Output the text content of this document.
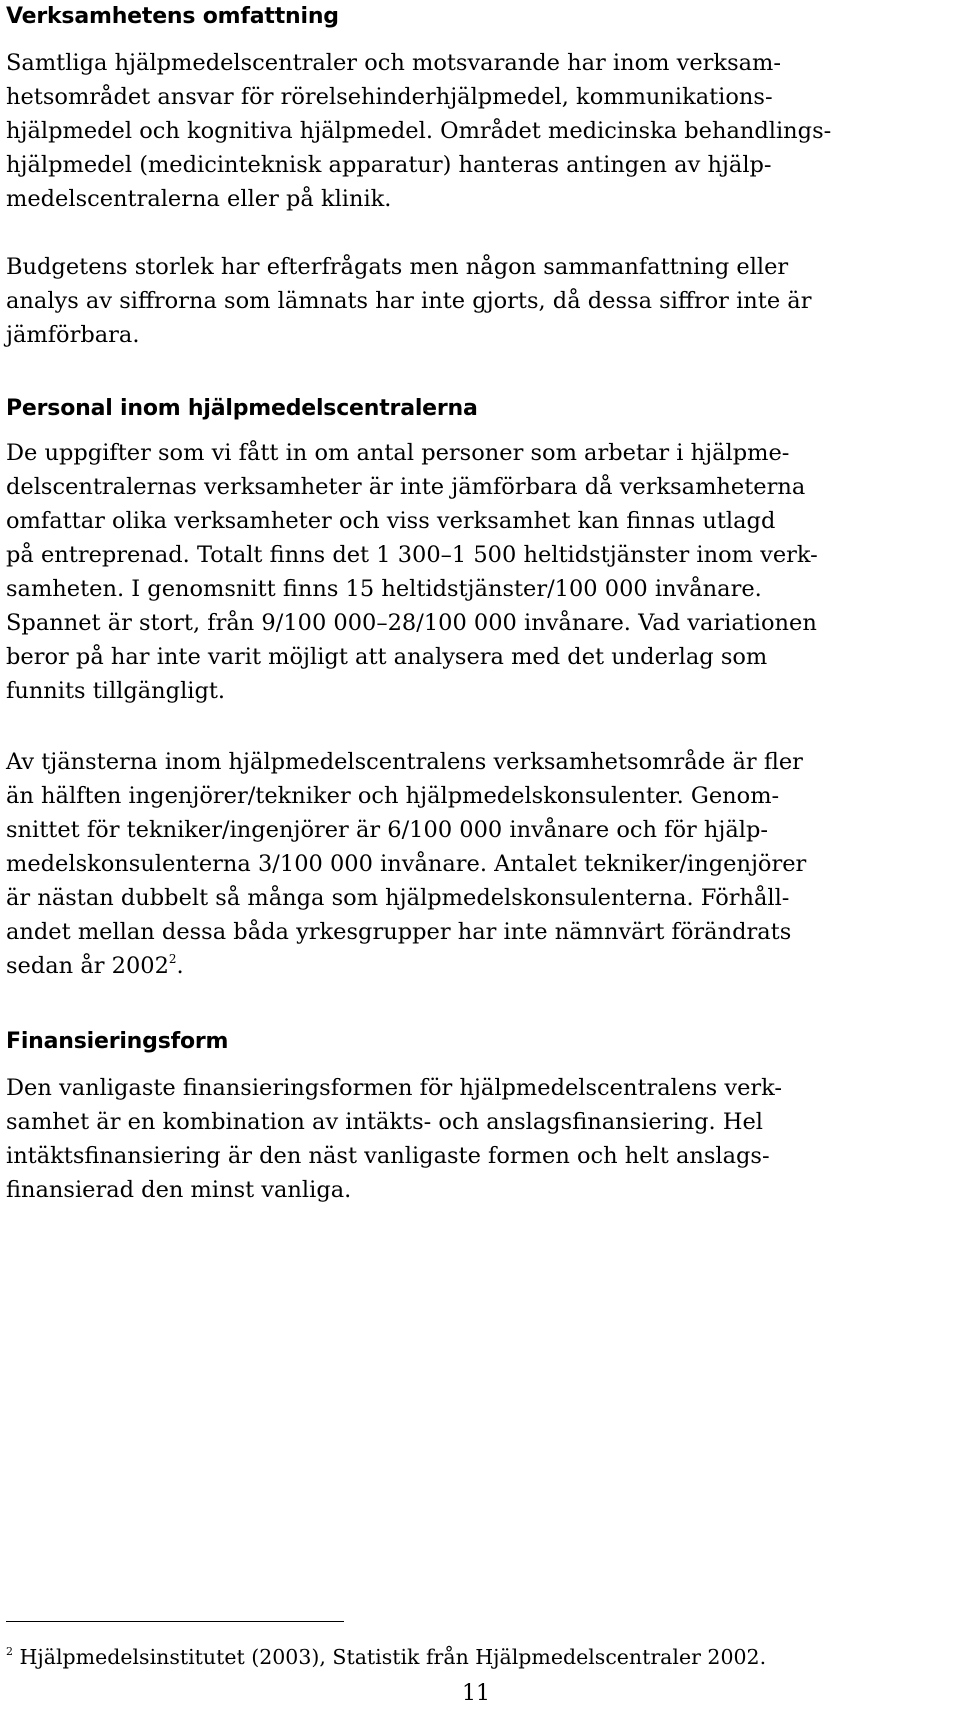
Verksamhetens omfattning

Samtliga hjälpmedelscentraler och motsvarande har inom verksam-
hetsområdet ansvar för rörelsehinderhjälpmedel, kommunikations-
hjälpmedel och kognitiva hjälpmedel. Området medicinska behandlings-
hjälpmedel (medicinteknisk apparatur) hanteras antingen av hjälp-
medelscentralerna eller på klinik.

Budgetens storlek har efterfrågats men någon sammanfattning eller
analys av siffrorna som lämnats har inte gjorts, då dessa siffror inte är
jämförbara.

Personal inom hjälpmedelscentralerna

De uppgifter som vi fått in om antal personer som arbetar i hjälpme-
delscentralernas verksamheter är inte jämförbara då verksamheterna
omfattar olika verksamheter och viss verksamhet kan finnas utlagd
på entreprenad. Totalt finns det 1 300–1 500 heltidstjänster inom verk-
samheten. I genomsnitt finns 15 heltidstjänster/100 000 invånare.
Spannet är stort, från 9/100 000–28/100 000 invånare. Vad variationen
beror på har inte varit möjligt att analysera med det underlag som
funnits tillgängligt.

Av tjänsterna inom hjälpmedelscentralens verksamhetsområde är fler
än hälften ingenjörer/tekniker och hjälpmedelskonsulenter. Genom-
snittet för tekniker/ingenjörer är 6/100 000 invånare och för hjälp-
medelskonsulenterna 3/100 000 invånare. Antalet tekniker/ingenjörer
är nästan dubbelt så många som hjälpmedelskonsulenterna. Förhåll-
andet mellan dessa båda yrkesgrupper har inte nämnvärt förändrats
sedan år 2002$^2$.

Finansieringsform

Den vanligaste finansieringsformen för hjälpmedelscentralens verk-
samhet är en kombination av intäkts- och anslagsfinansiering. Hel
intäktsfinansiering är den näst vanligaste formen och helt anslags-
finansierad den minst vanliga.

$^2$ Hjälpmedelsinstitutet (2003), Statistik från Hjälpmedelscentraler 2002.
11
